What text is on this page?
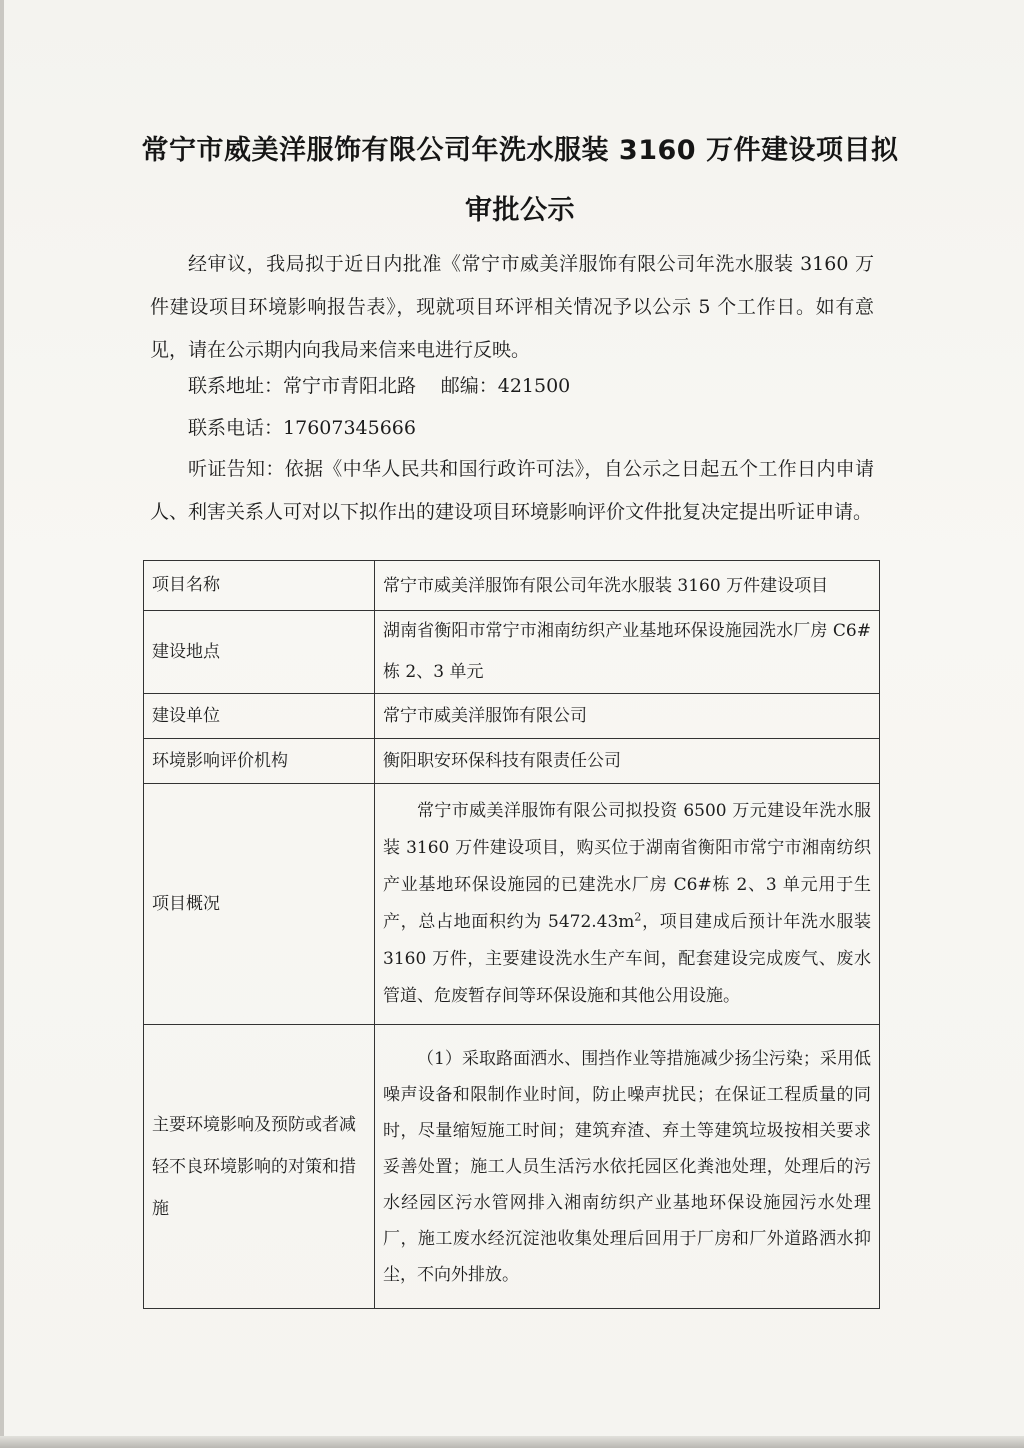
常宁市威美洋服饰有限公司年洗水服装 3160 万件建设项目拟
审批公示
经审议，我局拟于近日内批准《常宁市威美洋服饰有限公司年洗水服装 3160 万件建设项目环境影响报告表》，现就项目环评相关情况予以公示 5 个工作日。如有意见，请在公示期内向我局来信来电进行反映。
联系地址：常宁市青阳北路 邮编：421500
联系电话：17607345666
听证告知：依据《中华人民共和国行政许可法》，自公示之日起五个工作日内申请人、利害关系人可对以下拟作出的建设项目环境影响评价文件批复决定提出听证申请。
项目名称	常宁市威美洋服饰有限公司年洗水服装 3160 万件建设项目
建设地点	湖南省衡阳市常宁市湘南纺织产业基地环保设施园洗水厂房 C6#栋 2、3 单元
建设单位	常宁市威美洋服饰有限公司
环境影响评价机构	衡阳职安环保科技有限责任公司
项目概况	常宁市威美洋服饰有限公司拟投资 6500 万元建设年洗水服装 3160 万件建设项目，购买位于湖南省衡阳市常宁市湘南纺织产业基地环保设施园的已建洗水厂房 C6#栋 2、3 单元用于生产，总占地面积约为 $5472.43m^2$，项目建成后预计年洗水服装 3160 万件，主要建设洗水生产车间，配套建设完成废气、废水管道、危废暂存间等环保设施和其他公用设施。
主要环境影响及预防或者减轻不良环境影响的对策和措施	（1）采取路面洒水、围挡作业等措施减少扬尘污染；采用低噪声设备和限制作业时间，防止噪声扰民；在保证工程质量的同时，尽量缩短施工时间；建筑弃渣、弃土等建筑垃圾按相关要求妥善处置；施工人员生活污水依托园区化粪池处理，处理后的污水经园区污水管网排入湘南纺织产业基地环保设施园污水处理厂，施工废水经沉淀池收集处理后回用于厂房和厂外道路洒水抑尘，不向外排放。
